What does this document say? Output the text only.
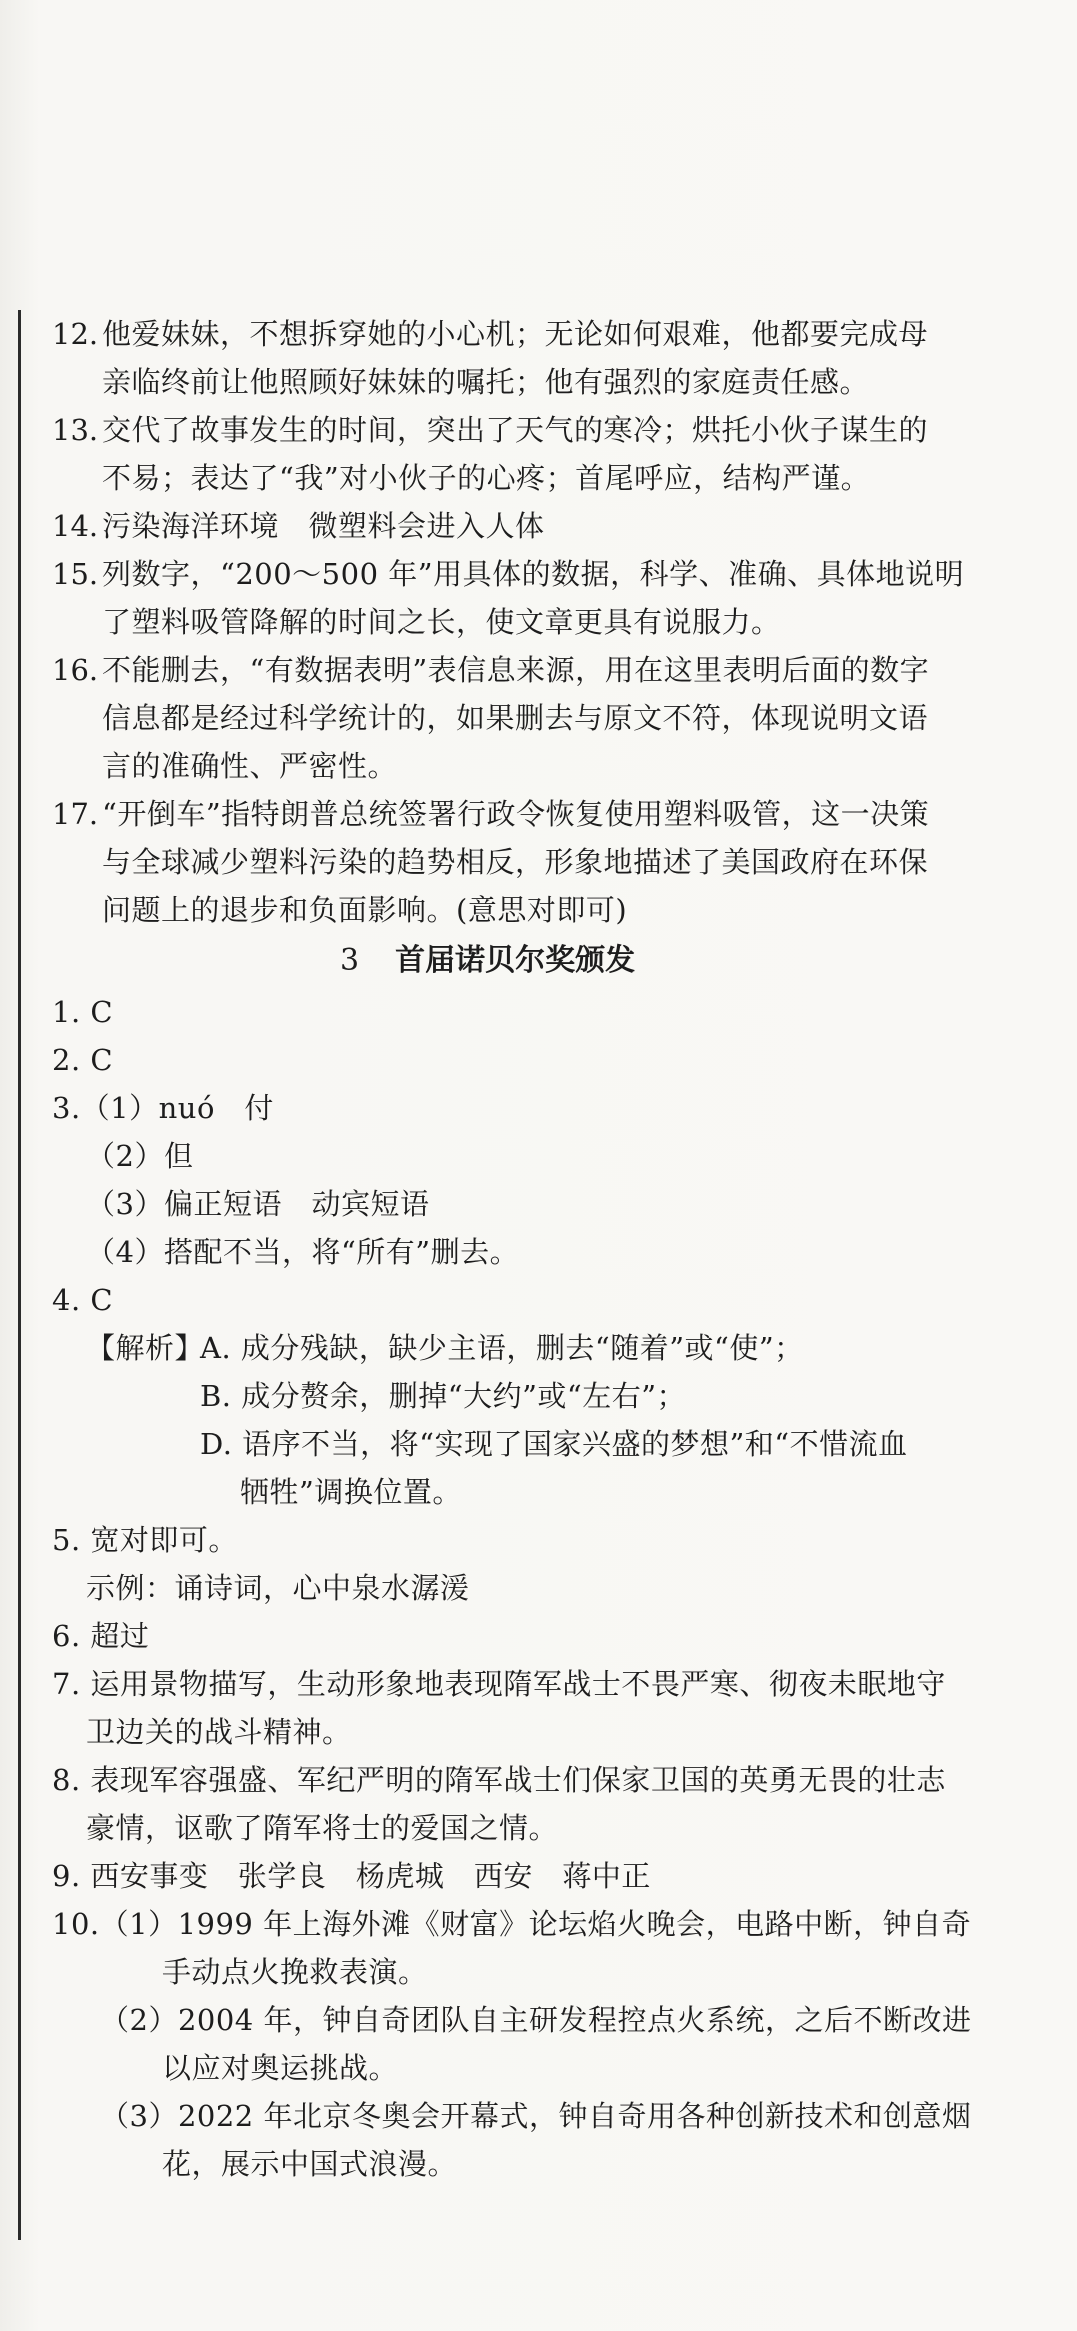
12. 他爱妹妹，不想拆穿她的小心机；无论如何艰难，他都要完成母
亲临终前让他照顾好妹妹的嘱托；他有强烈的家庭责任感。
13. 交代了故事发生的时间，突出了天气的寒冷；烘托小伙子谋生的
不易；表达了“我”对小伙子的心疼；首尾呼应，结构严谨。
14. 污染海洋环境　微塑料会进入人体
15. 列数字，“200～500 年”用具体的数据，科学、准确、具体地说明
了塑料吸管降解的时间之长，使文章更具有说服力。
16. 不能删去，“有数据表明”表信息来源，用在这里表明后面的数字
信息都是经过科学统计的，如果删去与原文不符，体现说明文语
言的准确性、严密性。
17. “开倒车”指特朗普总统签署行政令恢复使用塑料吸管，这一决策
与全球减少塑料污染的趋势相反，形象地描述了美国政府在环保
问题上的退步和负面影响。(意思对即可)
3 首届诺贝尔奖颁发
1. C
2. C
3.（1）nuó　付
（2）但
（3）偏正短语　动宾短语
（4）搭配不当，将“所有”删去。
4. C
【解析】
A. 成分残缺，缺少主语，删去“随着”或“使”；
B. 成分赘余，删掉“大约”或“左右”；
D. 语序不当，将“实现了国家兴盛的梦想”和“不惜流血
牺牲”调换位置。
5. 宽对即可。
示例：诵诗词，心中泉水潺湲
6. 超过
7. 运用景物描写，生动形象地表现隋军战士不畏严寒、彻夜未眠地守
卫边关的战斗精神。
8. 表现军容强盛、军纪严明的隋军战士们保家卫国的英勇无畏的壮志
豪情，讴歌了隋军将士的爱国之情。
9. 西安事变　张学良　杨虎城　西安　蒋中正
10.（1）1999 年上海外滩《财富》论坛焰火晚会，电路中断，钟自奇
手动点火挽救表演。
（2）2004 年，钟自奇团队自主研发程控点火系统，之后不断改进
以应对奥运挑战。
（3）2022 年北京冬奥会开幕式，钟自奇用各种创新技术和创意烟
花，展示中国式浪漫。
